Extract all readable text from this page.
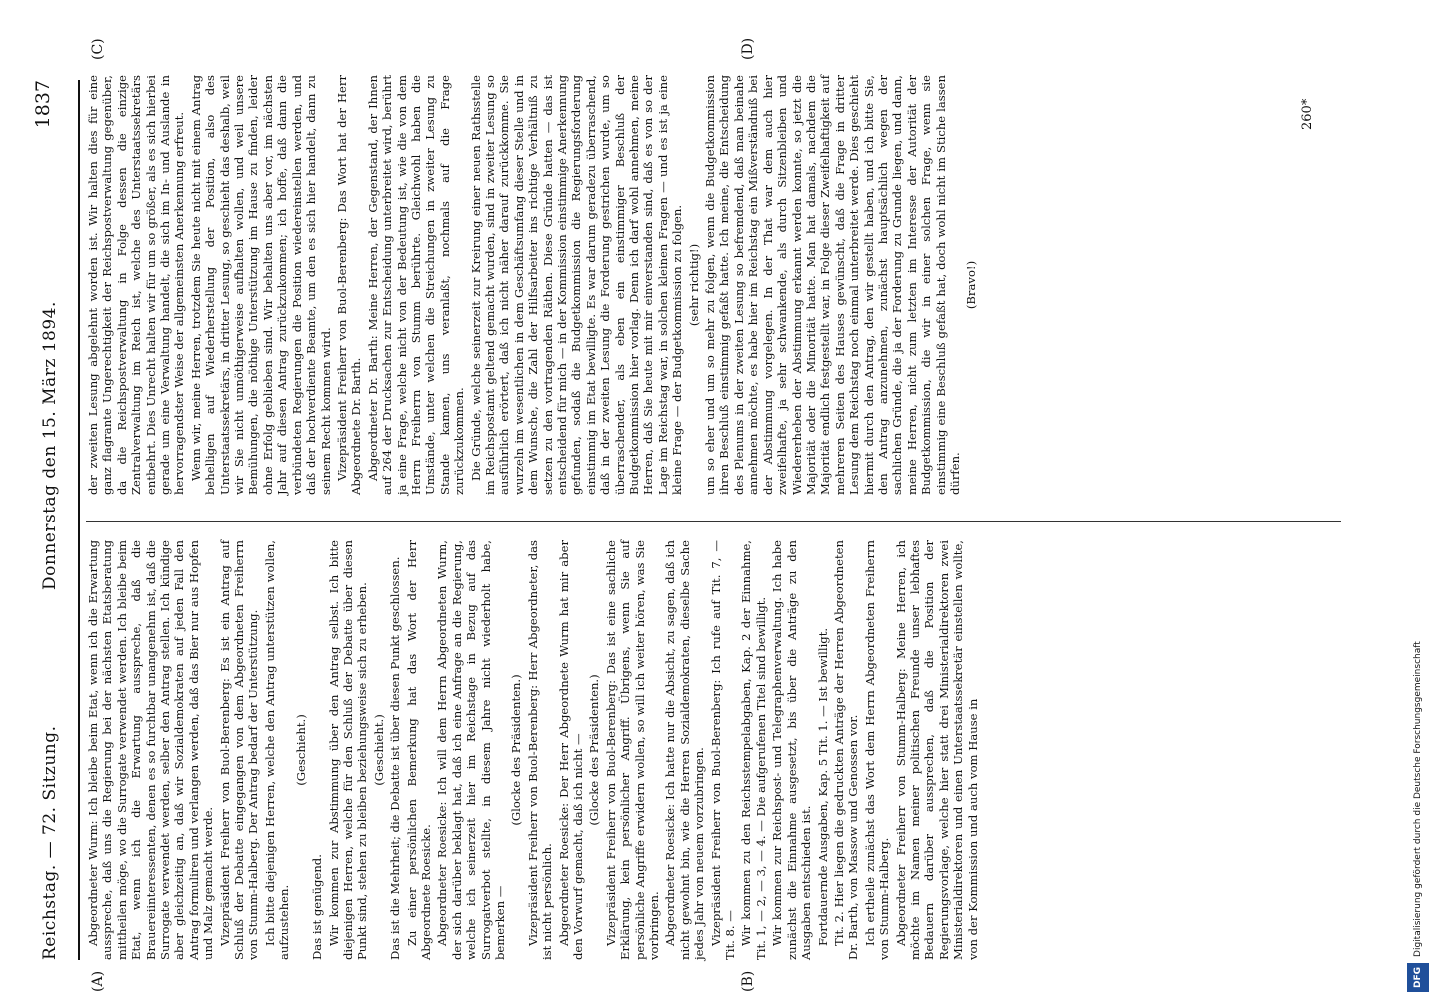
Reichstag. — 72. Sitzung.
Donnerstag den 15. März 1894.
1837
(A)	(B)
(C)	(D)

Abgeordneter Wurm: Ich bleibe beim Etat, wenn ich die Erwartung ausspreche, daß uns die Regierung bei der nächsten Etatsberatung mittheilen möge, wo die Surrogate verwendet werden. Ich bleibe beim Etat, wenn ich die Erwartung ausspreche, daß die Brauereiinteressenten, denen es so furchtbar unangenehm ist, daß die Surrogate verwendet werden, selber den Antrag stellen. Ich kündige aber gleichzeitig an, daß wir Sozialdemokraten auf jeden Fall den Antrag formuliren und verlangen werden, daß das Bier nur aus Hopfen und Malz gemacht werde. Vizepräsident Freiherr von Buol-Berenberg: Es ist ein Antrag auf Schluß der Debatte eingegangen von dem Abgeordneten Freiherrn von Stumm-Halberg. Der Antrag bedarf der Unterstützung. Ich bitte diejenigen Herren, welche den Antrag unterstützen wollen, aufzustehen.

(Geschieht.)

Das ist genügend. Wir kommen zur Abstimmung über den Antrag selbst. Ich bitte diejenigen Herren, welche für den Schluß der Debatte über diesen Punkt sind, stehen zu bleiben beziehungsweise sich zu erheben. (Geschieht.) Das ist die Mehrheit; die Debatte ist über diesen Punkt geschlossen. Zu einer persönlichen Bemerkung hat das Wort der Herr Abgeordnete Roesicke. Abgeordneter Roesicke: Ich will dem Herrn Abgeordneten Wurm, der sich darüber beklagt hat, daß ich eine Anfrage an die Regierung, welche ich seinerzeit hier im Reichstage in Bezug auf das Surrogatverbot stellte, in diesem Jahre nicht wiederholt habe, bemerken —

(Glocke des Präsidenten.) Vizepräsident Freiherr von Buol-Berenberg: Herr Abgeordneter, das ist nicht persönlich. Abgeordneter Roesicke: Der Herr Abgeordnete Wurm hat mir aber den Vorwurf gemacht, daß ich nicht — (Glocke des Präsidenten.) Vizepräsident Freiherr von Buol-Berenberg: Das ist eine sachliche Erklärung, kein persönlicher Angriff. Übrigens, wenn Sie auf persönliche Angriffe erwidern wollen, so will ich weiter hören, was Sie vorbringen. Abgeordneter Roesicke: Ich hatte nur die Absicht, zu sagen, daß ich nicht gewohnt bin, wie die Herren Sozialdemokraten, dieselbe Sache jedes Jahr von neuem vorzubringen. Vizepräsident Freiherr von Buol-Berenberg: Ich rufe auf Tit. 7, — Tit. 8. — Wir kommen zu den Reichsstempelabgaben, Kap. 2 der Einnahme, Tit. 1, — 2, — 3, — 4. — Die aufgerufenen Titel sind bewilligt. Wir kommen zur Reichspost- und Telegraphenverwaltung. Ich habe zunächst die Einnahme ausgesetzt, bis über die Anträge zu den Ausgaben entschieden ist. Fortdauernde Ausgaben, Kap. 5 Tit. 1. — Ist bewilligt. Tit. 2. Hier liegen die gedruckten Anträge der Herren Abgeordneten Dr. Barth, von Massow und Genossen vor. Ich ertheile zunächst das Wort dem Herrn Abgeordneten Freiherrn von Stumm-Halberg. Abgeordneter Freiherr von Stumm-Halberg: Meine Herren, ich möchte im Namen meiner politischen Freunde unser lebhaftes Bedauern darüber aussprechen, daß die Position der Regierungsvorlage, welche hier statt drei Ministerialdirektoren zwei Ministerialdirektoren und einen Unterstaatssekretär einstellen wollte, von der Kommission und auch vom Hause in

der zweiten Lesung abgelehnt worden ist. Wir halten dies für eine ganz flagrante Ungerechtigkeit der Reichspostverwaltung gegenüber, da die Reichspostverwaltung in Folge dessen die einzige Zentralverwaltung im Reich ist, welche des Unterstaatssekretärs entbehrt. Dies Unrecht halten wir für um so größer, als es sich hierbei gerade um eine Verwaltung handelt, die sich im In- und Auslande in hervorragendster Weise der allgemeinsten Anerkennung erfreut. Wenn wir, meine Herren, trotzdem Sie heute nicht mit einem Antrag behelligen auf Wiederherstellung der Position, also des Unterstaatssekretärs, in dritter Lesung, so geschieht das deshalb, weil wir Sie nicht unnöthigerweise aufhalten wollen, und weil unsere Bemühungen, die nöthige Unterstützung im Hause zu finden, leider ohne Erfolg geblieben sind. Wir behalten uns aber vor, im nächsten Jahr auf diesen Antrag zurückzukommen; ich hoffe, daß dann die verbündeten Regierungen die Position wiedereinstellen werden, und daß der hochverdiente Beamte, um den es sich hier handelt, dann zu seinem Recht kommen wird. Vizepräsident Freiherr von Buol-Berenberg: Das Wort hat der Herr Abgeordnete Dr. Barth. Abgeordneter Dr. Barth: Meine Herren, der Gegenstand, der Ihnen auf 264 der Drucksachen zur Entscheidung unterbreitet wird, berührt ja eine Frage, welche nicht von der Bedeutung ist, wie die von dem Herrn Freiherrn von Stumm berührte. Gleichwohl haben die Umstände, unter welchen die Streichungen in zweiter Lesung zu Stande kamen, uns veranlaßt, nochmals auf die Frage zurückzukommen. Die Gründe, welche seinerzeit zur Kreirung einer neuen Rathsstelle im Reichspostamt geltend gemacht wurden, sind in zweiter Lesung so ausführlich erörtert, daß ich nicht näher darauf zurückkomme. Sie wurzeln im wesentlichen in dem Geschäftsumfang dieser Stelle und in dem Wunsche, die Zahl der Hilfsarbeiter ins richtige Verhältniß zu setzen zu den vortragenden Räthen. Diese Gründe hatten — das ist entscheidend für mich — in der Kommission einstimmige Anerkennung gefunden, sodaß die Budgetkommission die Regierungsforderung einstimmig im Etat bewilligte. Es war darum geradezu überraschend, daß in der zweiten Lesung die Forderung gestrichen wurde, um so überraschender, als eben ein einstimmiger Beschluß der Budgetkommission hier vorlag. Denn ich darf wohl annehmen, meine Herren, daß Sie heute mit mir einverstanden sind, daß es von so der Lage im Reichstag war, in solchen kleinen Fragen — und es ist ja eine kleine Frage — der Budgetkommission zu folgen. (sehr richtig!) um so eher und um so mehr zu folgen, wenn die Budgetkommission ihren Beschluß einstimmig gefaßt hatte. Ich meine, die Entscheidung des Plenums in der zweiten Lesung so befremdend, daß man beinahe annehmen möchte, es habe hier im Reichstag ein Mißverständniß bei der Abstimmung vorgelegen. In der That war dem auch hier zweifelhafte, ja sehr schwankende, als durch Sitzenbleiben und Wiedererheben der Abstimmung erkannt werden konnte, so jetzt die Majorität oder die Minorität hatte. Man hat damals, nachdem die Majorität endlich festgestellt war, in Folge dieser Zweifelhaftigkeit auf mehreren Seiten des Hauses gewünscht, daß die Frage in dritter Lesung dem Reichstag noch einmal unterbreitet werde. Dies geschieht hiermit durch den Antrag, den wir gestellt haben, und ich bitte Sie, den Antrag anzunehmen, zunächst hauptsächlich wegen der sachlichen Gründe, die ja der Forderung zu Grunde liegen, und dann, meine Herren, nicht zum letzten im Interesse der Autorität der Budgetkommission, die wir in einer solchen Frage, wenn sie einstimmig eine Beschluß gefaßt hat, doch wohl nicht im Stiche lassen dürfen.

(Bravo!)

260*
DFGDigitalisierung gefördert durch die Deutsche Forschungsgemeinschaft
